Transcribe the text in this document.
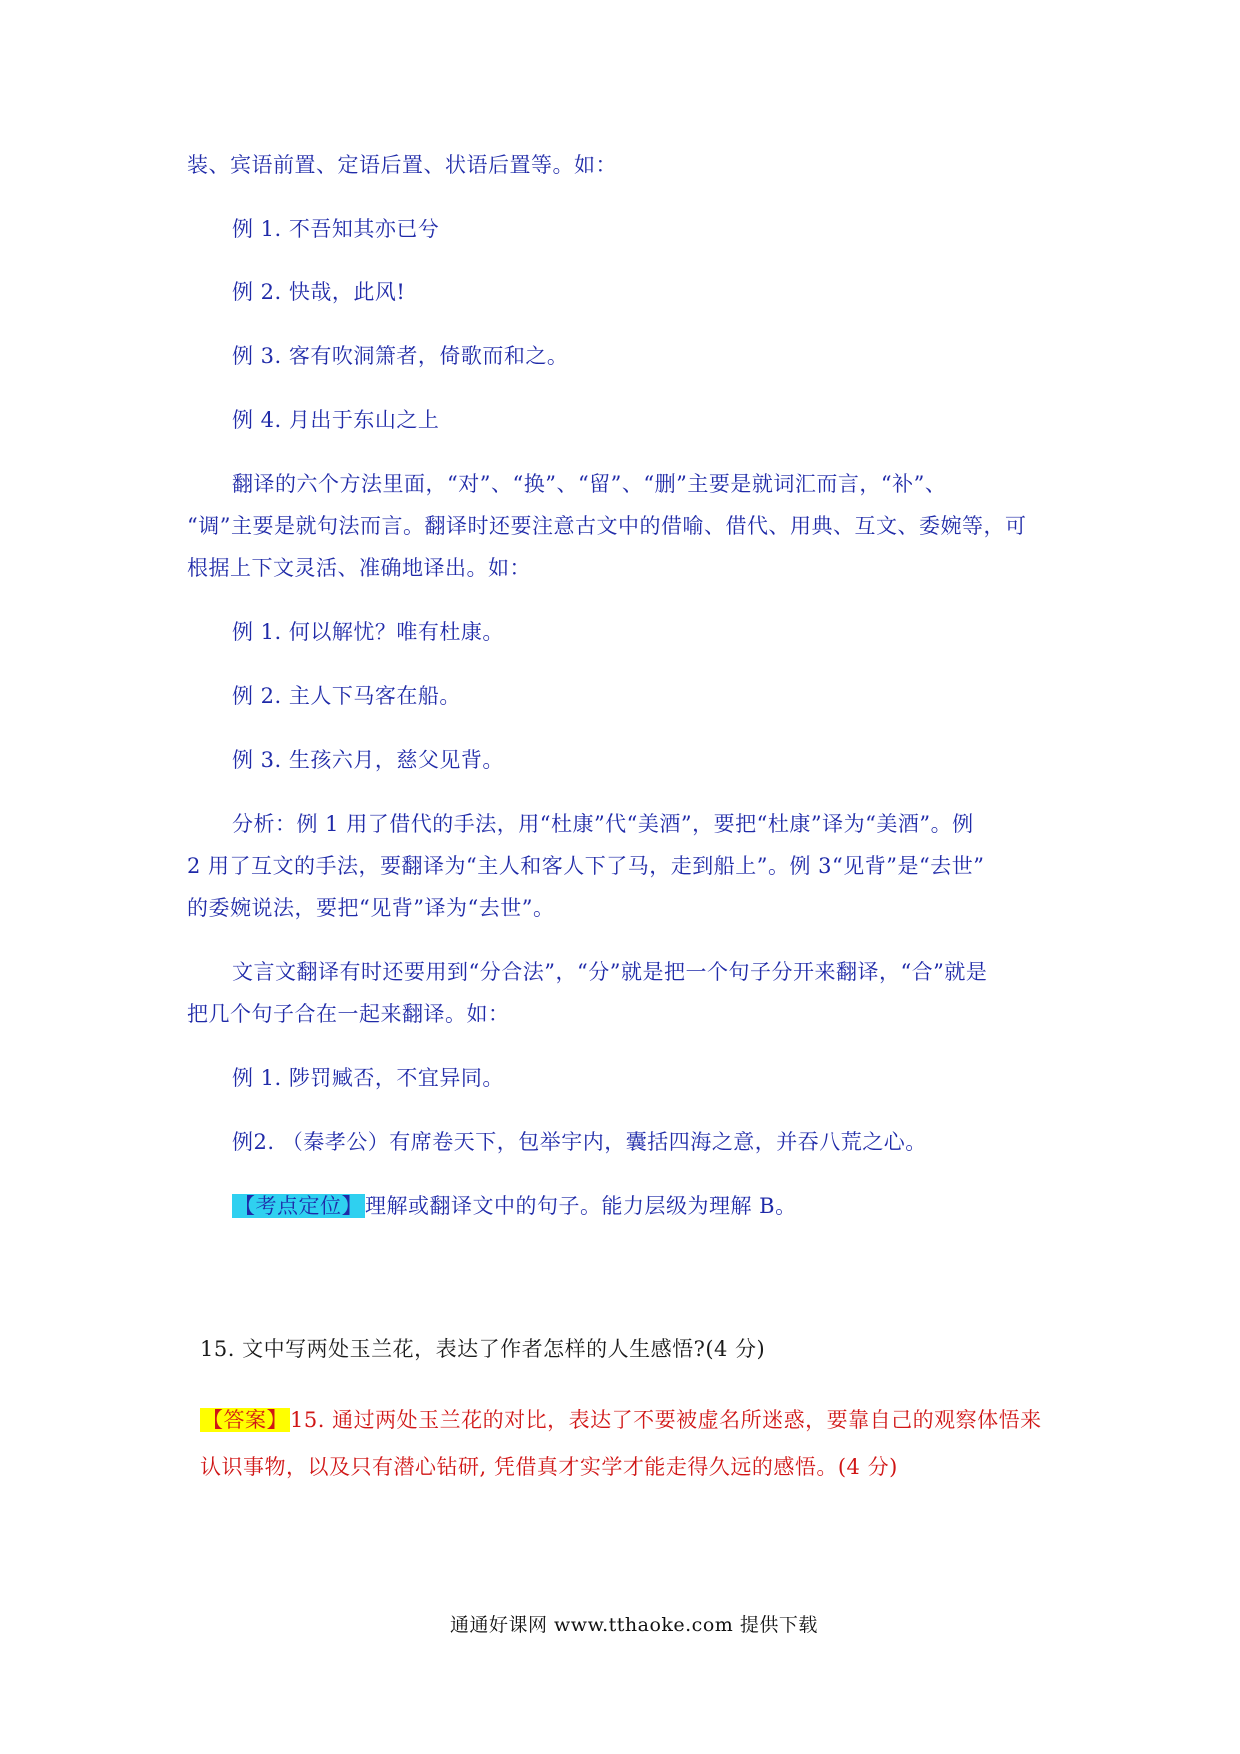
装、宾语前置、定语后置、状语后置等。如：
例 1. 不吾知其亦已兮
例 2. 快哉，此风!
例 3. 客有吹洞箫者，倚歌而和之。
例 4. 月出于东山之上
翻译的六个方法里面，“对”、“换”、“留”、“删”主要是就词汇而言，“补”、
“调”主要是就句法而言。翻译时还要注意古文中的借喻、借代、用典、互文、委婉等，可
根据上下文灵活、准确地译出。如：
例 1. 何以解忧？唯有杜康。
例 2. 主人下马客在船。
例 3. 生孩六月，慈父见背。
分析：例 1 用了借代的手法，用“杜康”代“美酒”，要把“杜康”译为“美酒”。例
2 用了互文的手法，要翻译为“主人和客人下了马，走到船上”。例 3“见背”是“去世”
的委婉说法，要把“见背”译为“去世”。
文言文翻译有时还要用到“分合法”，“分”就是把一个句子分开来翻译，“合”就是
把几个句子合在一起来翻译。如：
例 1. 陟罚臧否，不宜异同。
例2. （秦孝公）有席卷天下，包举宇内，囊括四海之意，并吞八荒之心。
【考点定位】理解或翻译文中的句子。能力层级为理解 B。
15. 文中写两处玉兰花，表达了作者怎样的人生感悟?(4 分)
【答案】15. 通过两处玉兰花的对比，表达了不要被虚名所迷惑，要靠自己的观察体悟来
认识事物，以及只有潜心钻研, 凭借真才实学才能走得久远的感悟。(4 分)
通通好课网 www.tthaoke.com 提供下载
